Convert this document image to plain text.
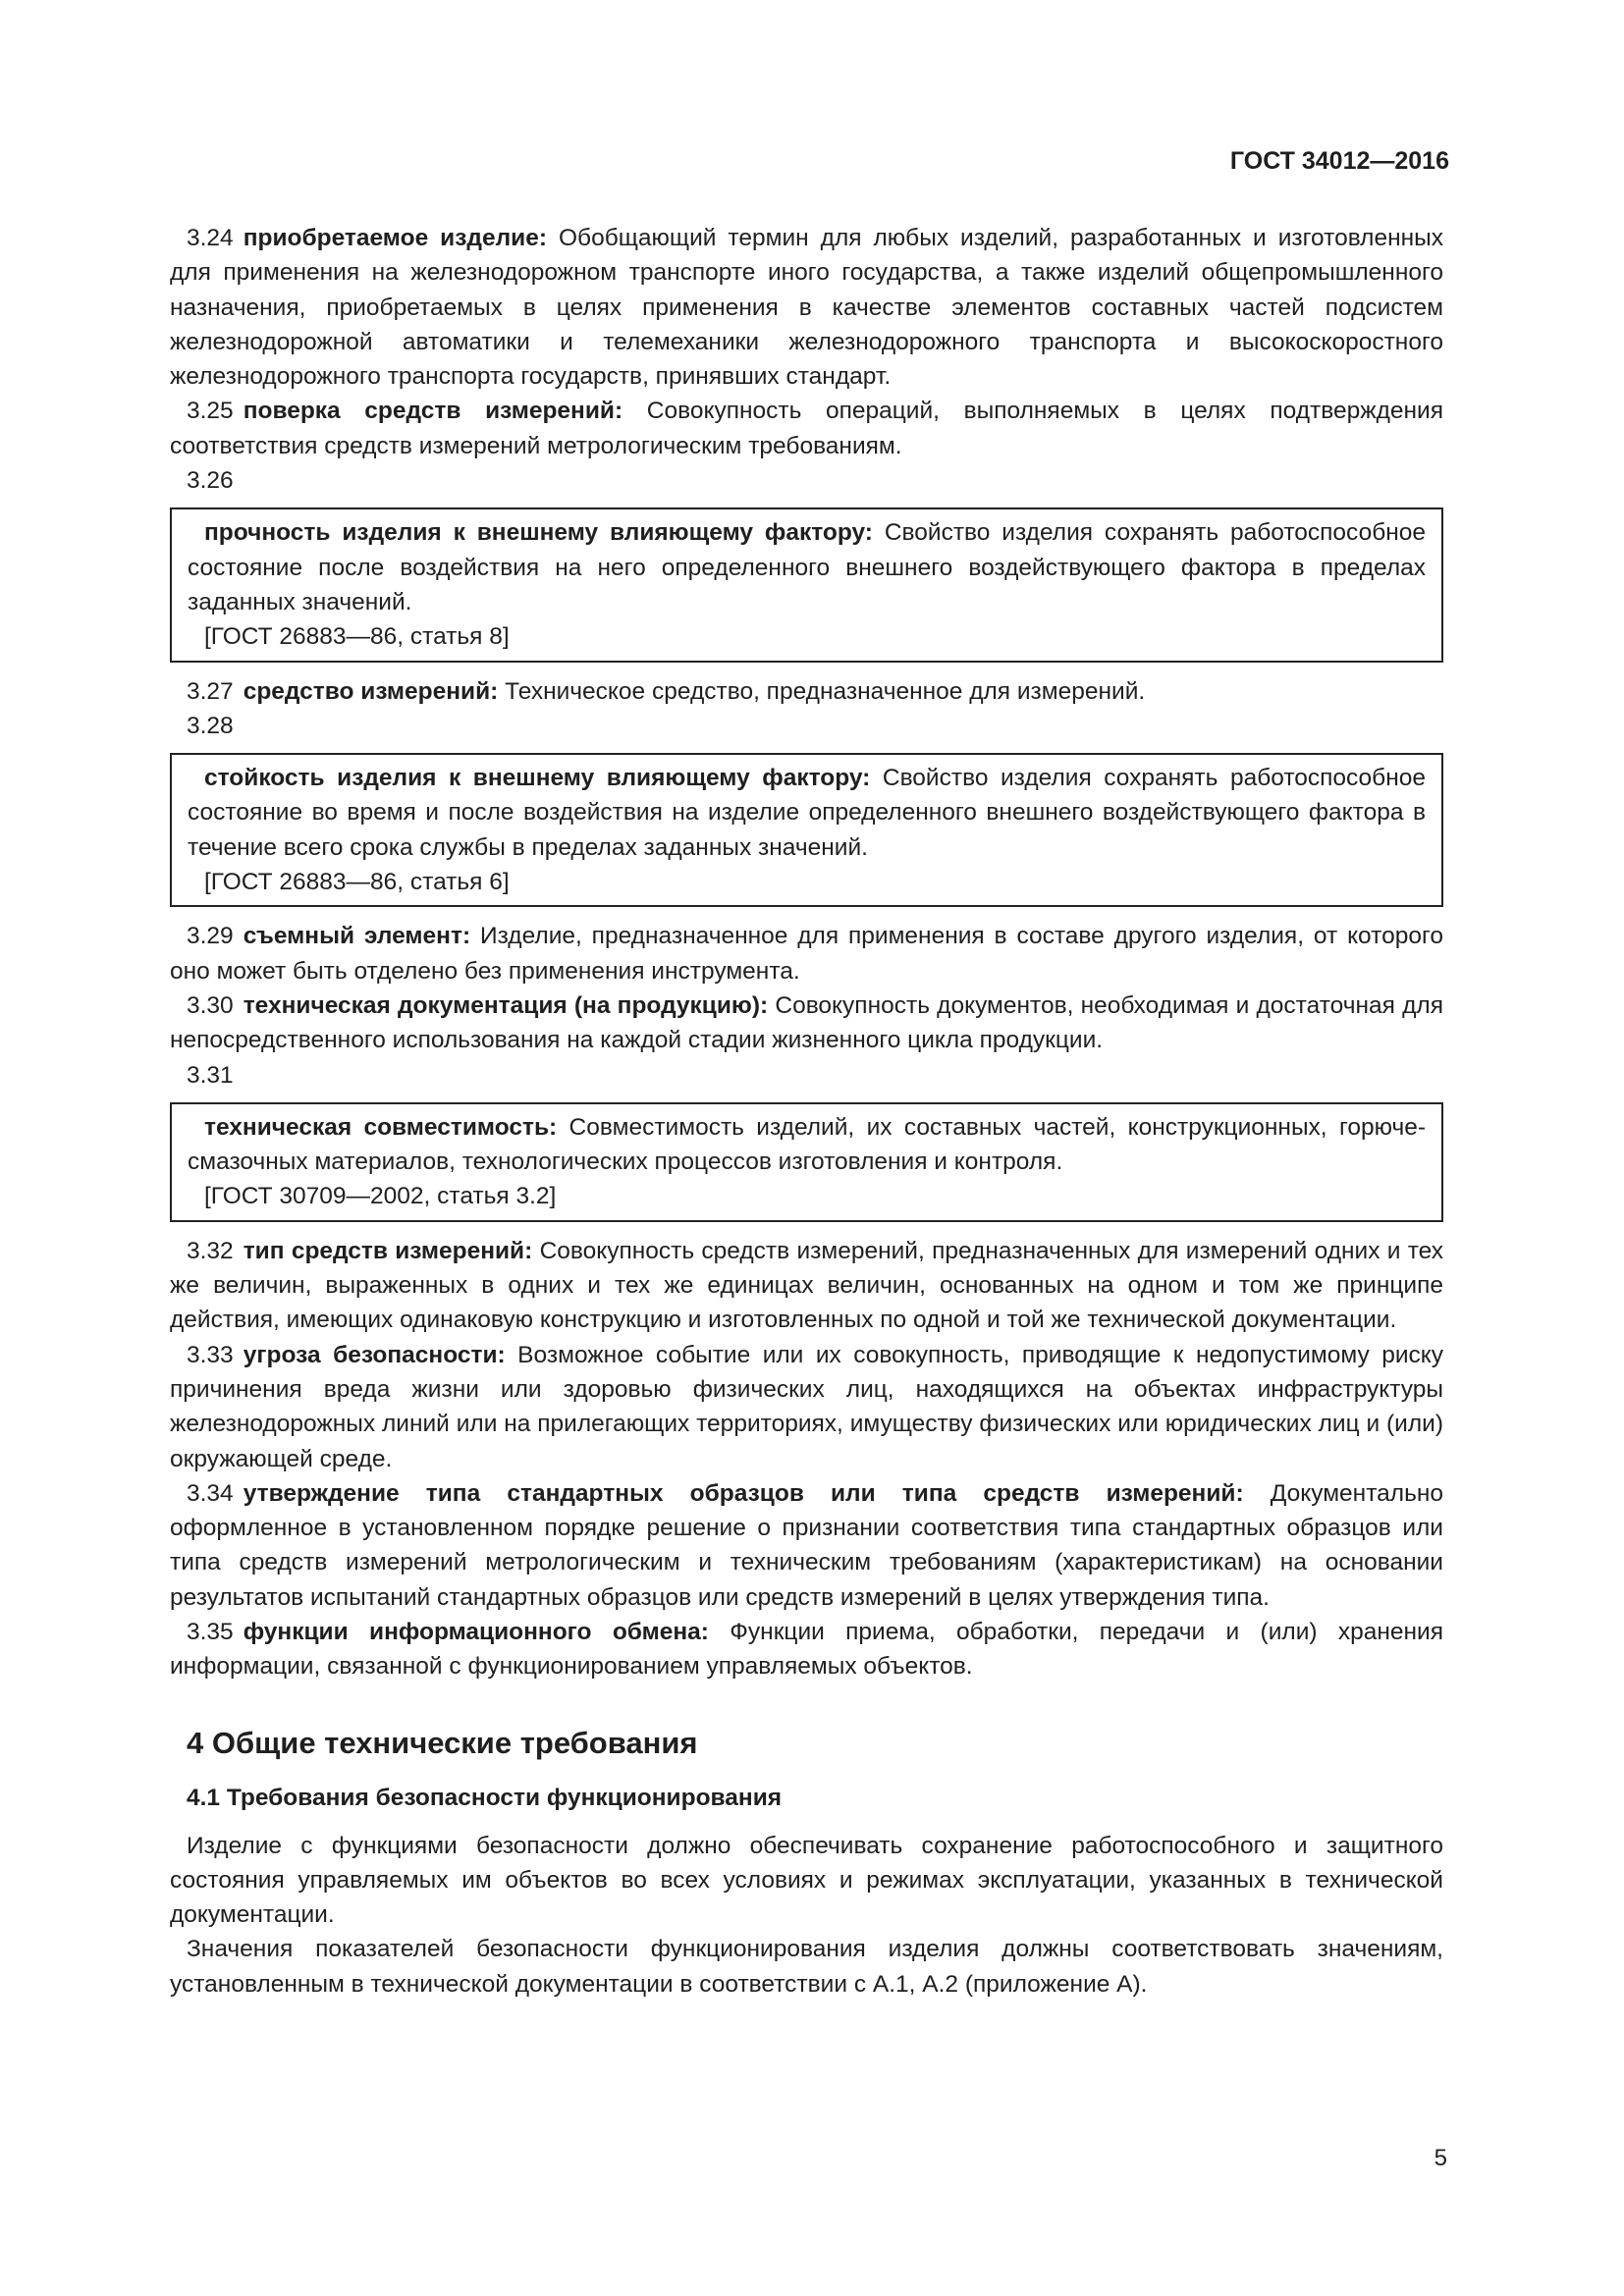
ГОСТ 34012—2016

3.24 приобретаемое изделие: Обобщающий термин для любых изделий, разработанных и изготовленных для применения на железнодорожном транспорте иного государства, а также изделий общепромышленного назначения, приобретаемых в целях применения в качестве элементов составных частей подсистем железнодорожной автоматики и телемеханики железнодорожного транспорта и высокоскоростного железнодорожного транспорта государств, принявших стандарт.

3.25 поверка средств измерений: Совокупность операций, выполняемых в целях подтверждения соответствия средств измерений метрологическим требованиям.

3.26

прочность изделия к внешнему влияющему фактору: Свойство изделия сохранять работоспособное состояние после воздействия на него определенного внешнего воздействующего фактора в пределах заданных значений.

[ГОСТ 26883—86, статья 8]

3.27 средство измерений: Техническое средство, предназначенное для измерений.

3.28

стойкость изделия к внешнему влияющему фактору: Свойство изделия сохранять работоспособное состояние во время и после воздействия на изделие определенного внешнего воздействующего фактора в течение всего срока службы в пределах заданных значений.

[ГОСТ 26883—86, статья 6]

3.29 съемный элемент: Изделие, предназначенное для применения в составе другого изделия, от которого оно может быть отделено без применения инструмента.

3.30 техническая документация (на продукцию): Совокупность документов, необходимая и достаточная для непосредственного использования на каждой стадии жизненного цикла продукции.

3.31

техническая совместимость: Совместимость изделий, их составных частей, конструкционных, горюче-смазочных материалов, технологических процессов изготовления и контроля.

[ГОСТ 30709—2002, статья 3.2]

3.32 тип средств измерений: Совокупность средств измерений, предназначенных для измерений одних и тех же величин, выраженных в одних и тех же единицах величин, основанных на одном и том же принципе действия, имеющих одинаковую конструкцию и изготовленных по одной и той же технической документации.

3.33 угроза безопасности: Возможное событие или их совокупность, приводящие к недопустимому риску причинения вреда жизни или здоровью физических лиц, находящихся на объектах инфраструктуры железнодорожных линий или на прилегающих территориях, имуществу физических или юридических лиц и (или) окружающей среде.

3.34 утверждение типа стандартных образцов или типа средств измерений: Документально оформленное в установленном порядке решение о признании соответствия типа стандартных образцов или типа средств измерений метрологическим и техническим требованиям (характеристикам) на основании результатов испытаний стандартных образцов или средств измерений в целях утверждения типа.

3.35 функции информационного обмена: Функции приема, обработки, передачи и (или) хранения информации, связанной с функционированием управляемых объектов.

4 Общие технические требования
4.1 Требования безопасности функционирования

Изделие с функциями безопасности должно обеспечивать сохранение работоспособного и защитного состояния управляемых им объектов во всех условиях и режимах эксплуатации, указанных в технической документации.

Значения показателей безопасности функционирования изделия должны соответствовать значениям, установленным в технической документации в соответствии с А.1, А.2 (приложение А).

5
